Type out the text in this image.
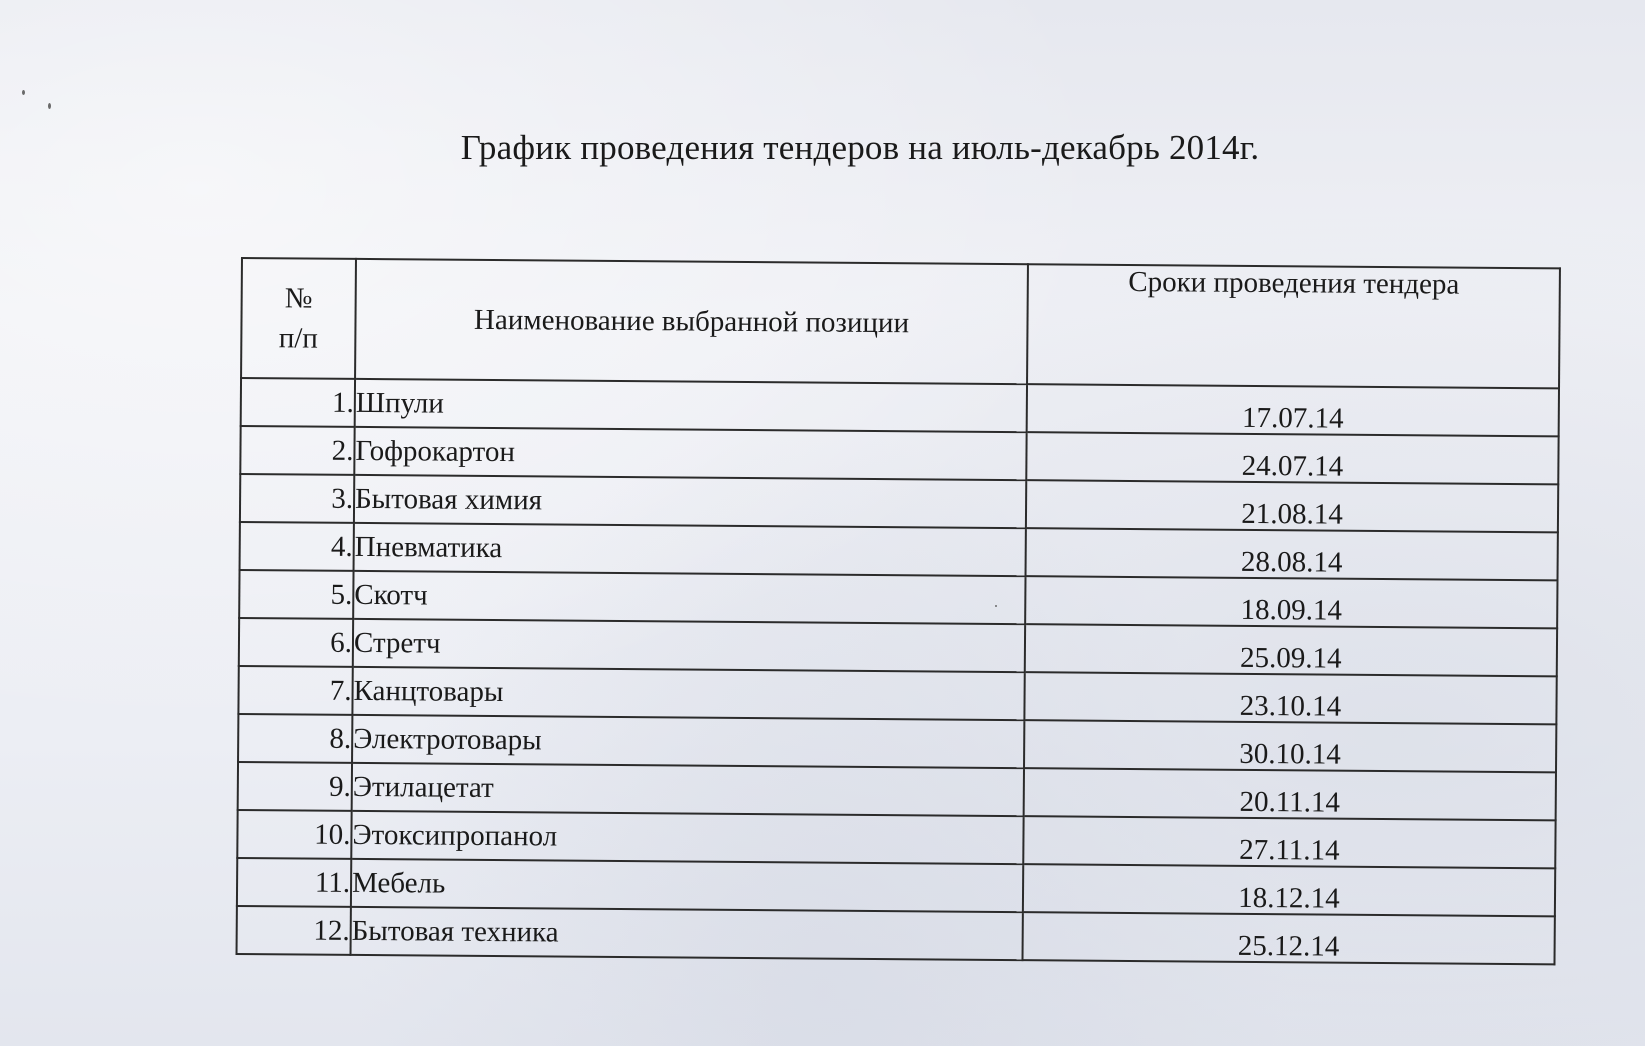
График проведения тендеров на июль-декабрь 2014г.
№
п/п	Наименование выбранной позиции	Сроки проведения тендера
1.	Шпули	17.07.14
2.	Гофрокартон	24.07.14
3.	Бытовая химия	21.08.14
4.	Пневматика	28.08.14
5.	Скотч	18.09.14
6.	Стретч	25.09.14
7.	Канцтовары	23.10.14
8.	Электротовары	30.10.14
9.	Этилацетат	20.11.14
10.	Этоксипропанол	27.11.14
11.	Мебель	18.12.14
12.	Бытовая техника	25.12.14
